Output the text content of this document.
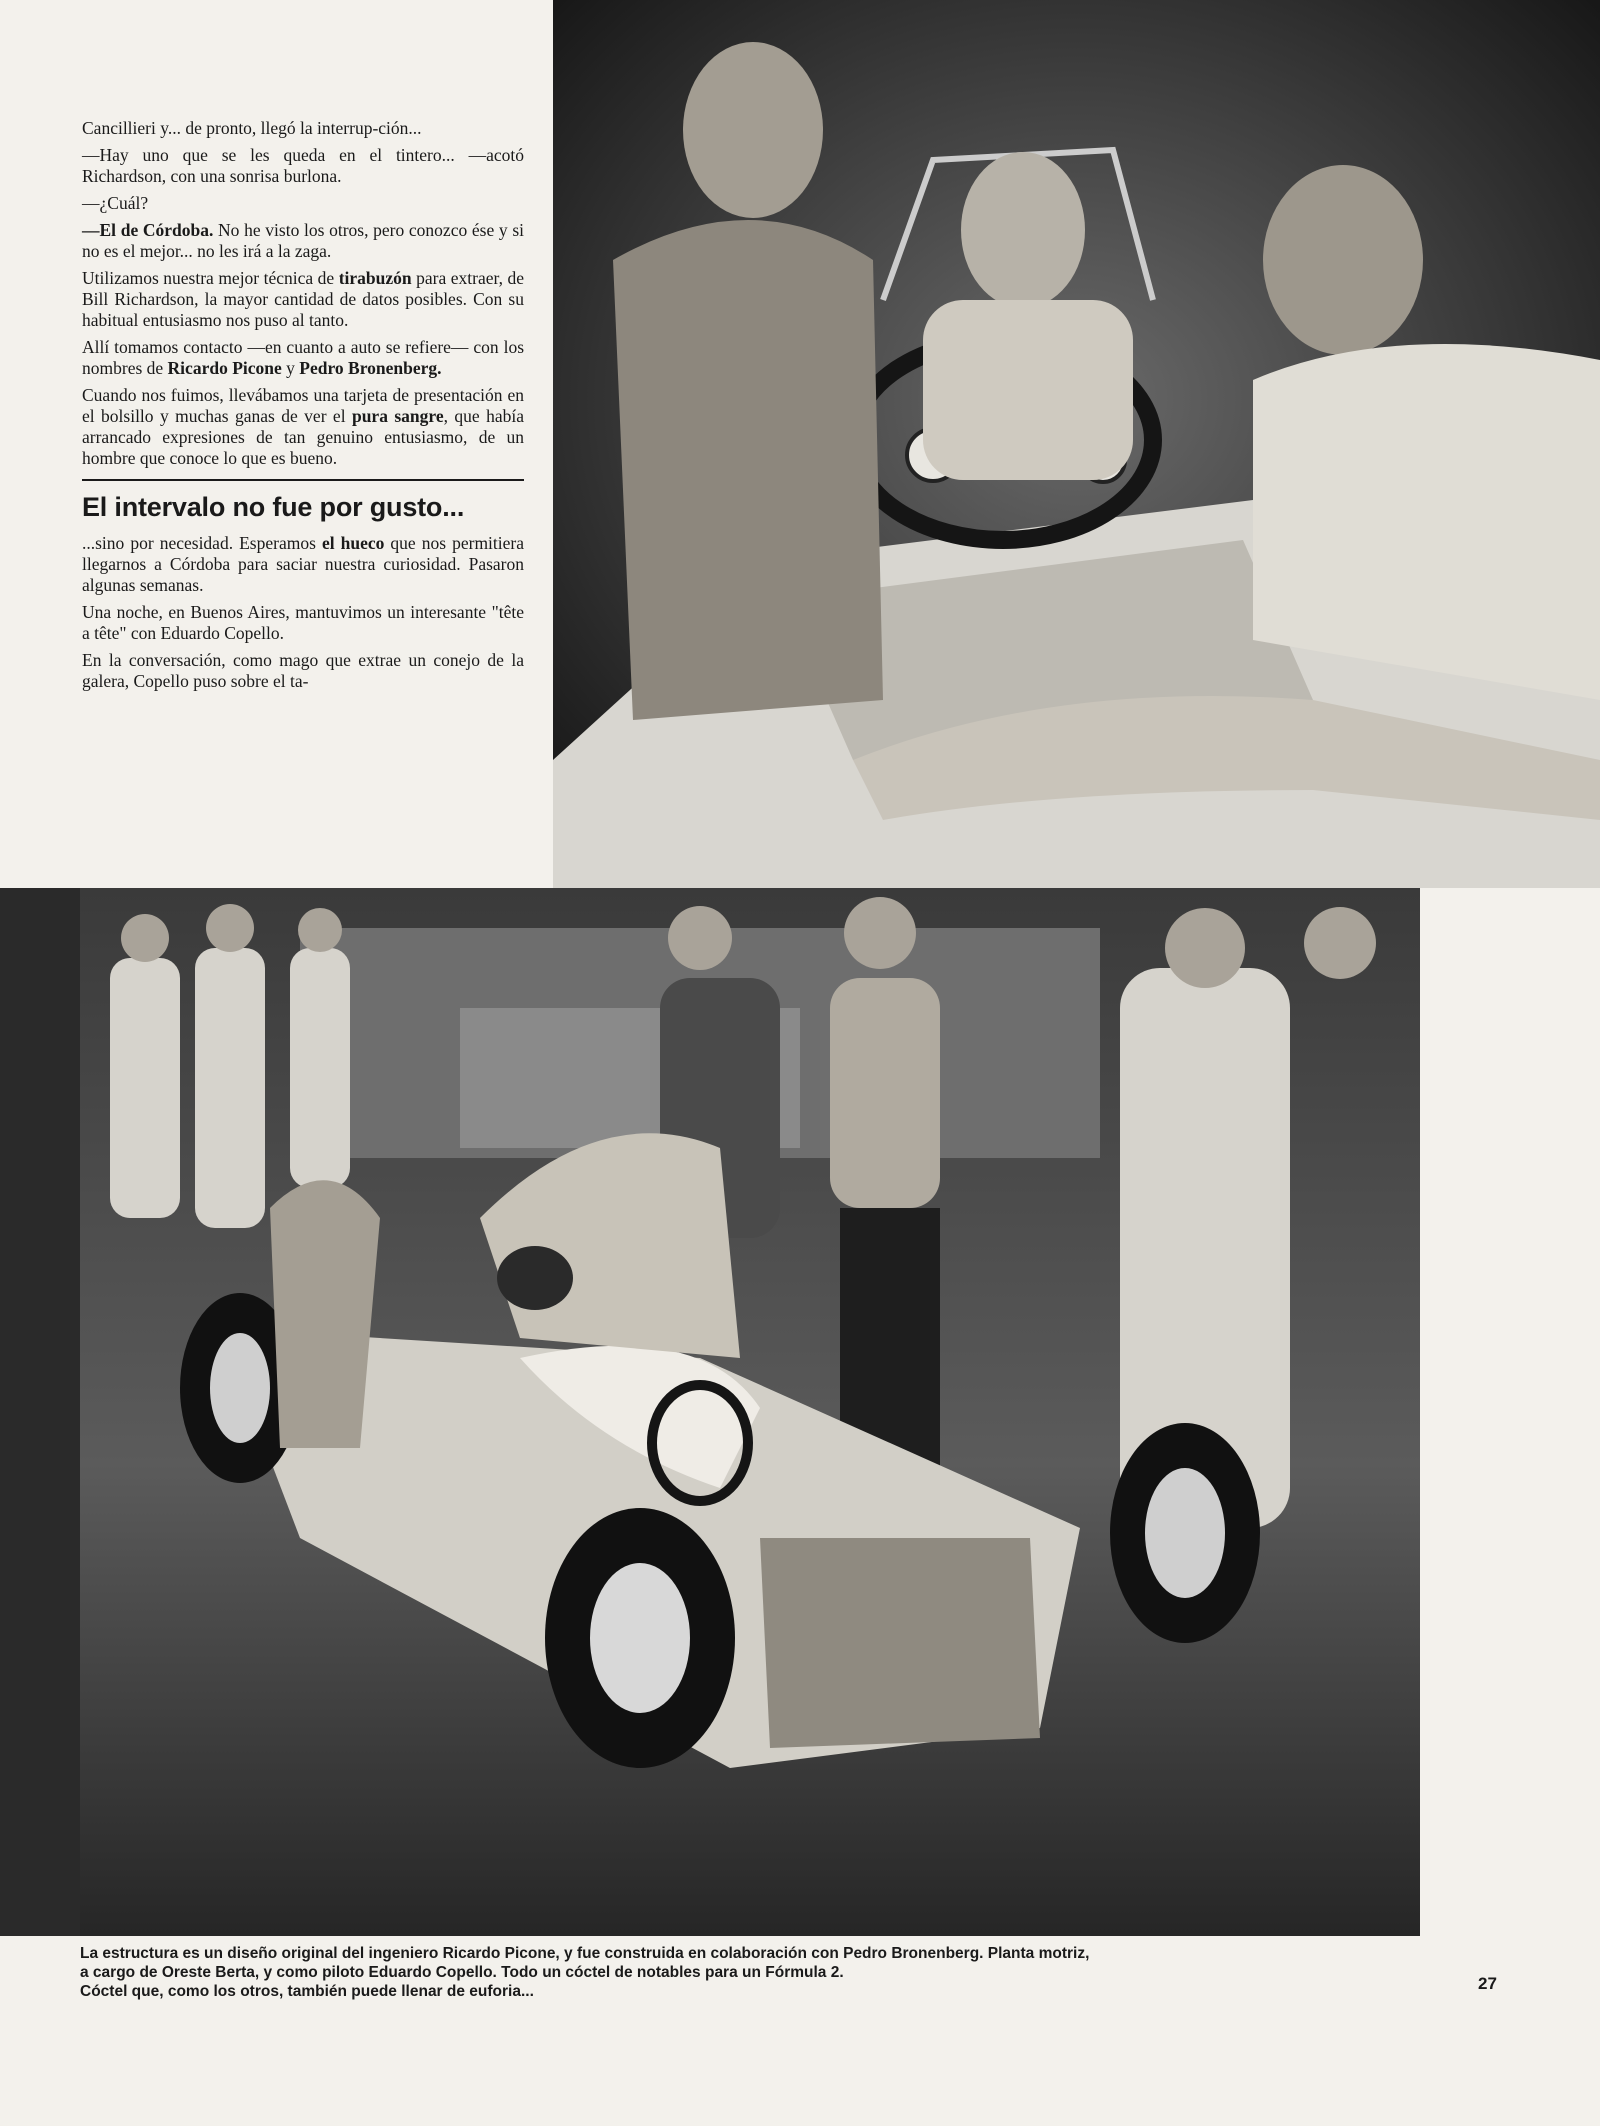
Cancillieri y... de pronto, llegó la interrup-ción...

—Hay uno que se les queda en el tintero... —acotó Richardson, con una sonrisa burlona.

—¿Cuál?

—El de Córdoba. No he visto los otros, pero conozco ése y si no es el mejor... no les irá a la zaga.

Utilizamos nuestra mejor técnica de tirabuzón para extraer, de Bill Richardson, la mayor cantidad de datos posibles. Con su habitual entusiasmo nos puso al tanto.

Allí tomamos contacto —en cuanto a auto se refiere— con los nombres de Ricardo Picone y Pedro Bronenberg.

Cuando nos fuimos, llevábamos una tarjeta de presentación en el bolsillo y muchas ganas de ver el pura sangre, que había arrancado expresiones de tan genuino entusiasmo, de un hombre que conoce lo que es bueno.

El intervalo no fue por gusto...

...sino por necesidad. Esperamos el hueco que nos permitiera llegarnos a Córdoba para saciar nuestra curiosidad. Pasaron algunas semanas.

Una noche, en Buenos Aires, mantuvimos un interesante "tête a tête" con Eduardo Copello.

En la conversación, como mago que extrae un conejo de la galera, Copello puso sobre el ta-

La estructura es un diseño original del ingeniero Ricardo Picone, y fue construida en colaboración con Pedro Bronenberg. Planta motriz,

a cargo de Oreste Berta, y como piloto Eduardo Copello. Todo un cóctel de notables para un Fórmula 2.

Cóctel que, como los otros, también puede llenar de euforia...	27
